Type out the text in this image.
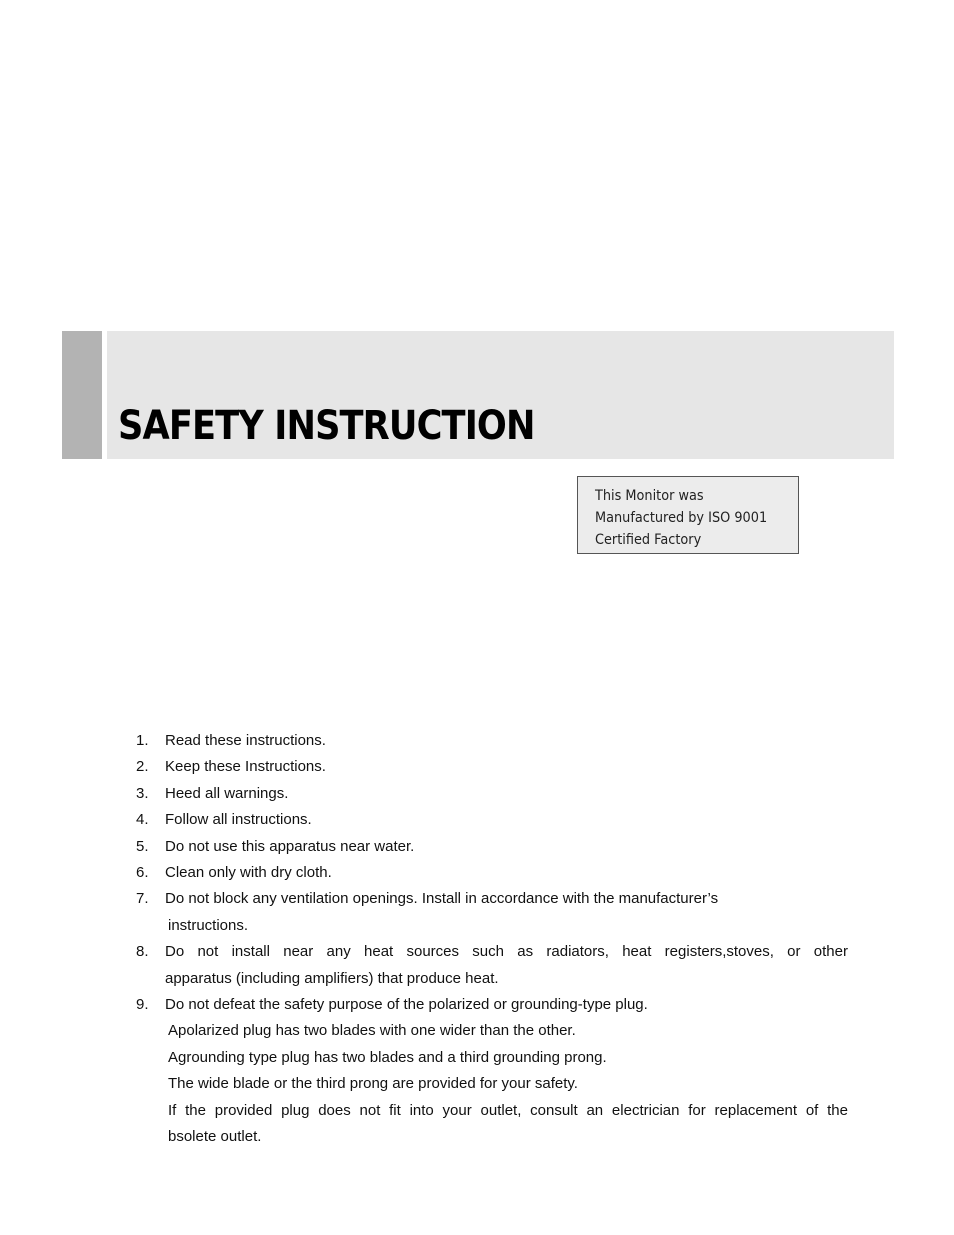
SAFETY INSTRUCTION
This Monitor was
Manufactured by ISO 9001
Certified Factory
1. Read these instructions.
2. Keep these Instructions.
3. Heed all warnings.
4. Follow all instructions.
5. Do not use this apparatus near water.
6. Clean only with dry cloth.
7. Do not block any ventilation openings. Install in accordance with the manufacturer’s
instructions.
8. Do not install near any heat sources such as radiators, heat registers,stoves, or other
apparatus (including amplifiers) that produce heat.
9. Do not defeat the safety purpose of the polarized or grounding-type plug.
Apolarized plug has two blades with one wider than the other.
Agrounding type plug has two blades and a third grounding prong.
The wide blade or the third prong are provided for your safety.
If the provided plug does not fit into your outlet, consult an electrician for replacement of the
bsolete outlet.
